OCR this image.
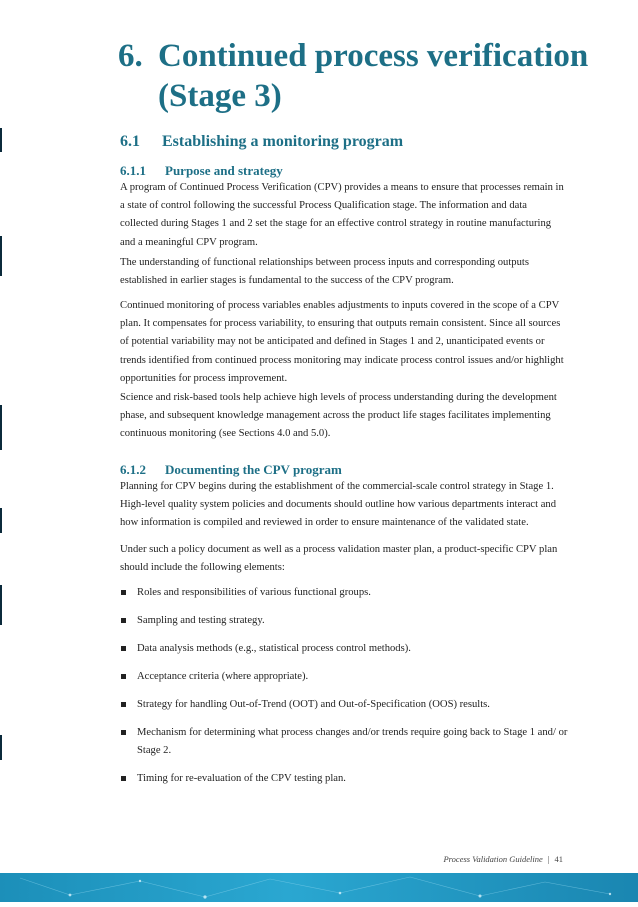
6. Continued process verification
(Stage 3)
6.1 Establishing a monitoring program
6.1.1 Purpose and strategy

A program of Continued Process Verification (CPV) provides a means to ensure that processes remain in a state of control following the successful Process Qualification stage. The information and data collected during Stages 1 and 2 set the stage for an effective control strategy in routine manufacturing and a meaningful CPV program.

The understanding of functional relationships between process inputs and corresponding outputs established in earlier stages is fundamental to the success of the CPV program.

Continued monitoring of process variables enables adjustments to inputs covered in the scope of a CPV plan. It compensates for process variability, to ensuring that outputs remain consistent. Since all sources of potential variability may not be anticipated and defined in Stages 1 and 2, unanticipated events or trends identified from continued process monitoring may indicate process control issues and/or highlight opportunities for process improvement.

Science and risk-based tools help achieve high levels of process understanding during the development phase, and subsequent knowledge management across the product life stages facilitates implementing continuous monitoring (see Sections 4.0 and 5.0).

6.1.2 Documenting the CPV program

Planning for CPV begins during the establishment of the commercial-scale control strategy in Stage 1. High-level quality system policies and documents should outline how various departments interact and how information is compiled and reviewed in order to ensure maintenance of the validated state.

Under such a policy document as well as a process validation master plan, a product-specific CPV plan should include the following elements:

Roles and responsibilities of various functional groups.
Sampling and testing strategy.
Data analysis methods (e.g., statistical process control methods).
Acceptance criteria (where appropriate).
Strategy for handling Out-of-Trend (OOT) and Out-of-Specification (OOS) results.
Mechanism for determining what process changes and/or trends require going back to Stage 1 and/ or Stage 2.
Timing for re-evaluation of the CPV testing plan.
Process Validation Guideline | 41
